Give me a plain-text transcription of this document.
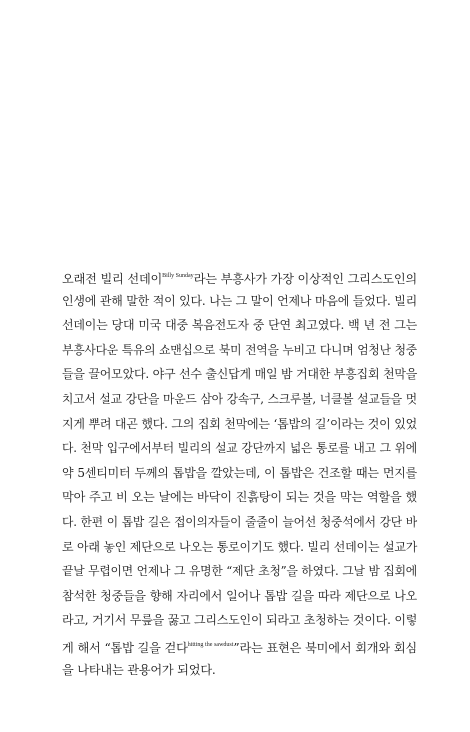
오래전 빌리 선데이$^{Billy Sunday}$라는 부흥사가 가장 이상적인 그리스도인의
인생에 관해 말한 적이 있다. 나는 그 말이 언제나 마음에 들었다. 빌리
선데이는 당대 미국 대중 복음전도자 중 단연 최고였다. 백 년 전 그는
부흥사다운 특유의 쇼맨십으로 북미 전역을 누비고 다니며 엄청난 청중
들을 끌어모았다. 야구 선수 출신답게 매일 밤 거대한 부흥집회 천막을
치고서 설교 강단을 마운드 삼아 강속구, 스크루볼, 너클볼 설교들을 멋
지게 뿌려 대곤 했다. 그의 집회 천막에는 ‘톱밥의 길’이라는 것이 있었
다. 천막 입구에서부터 빌리의 설교 강단까지 넓은 통로를 내고 그 위에
약 5센티미터 두께의 톱밥을 깔았는데, 이 톱밥은 건조할 때는 먼지를
막아 주고 비 오는 날에는 바닥이 진흙탕이 되는 것을 막는 역할을 했
다. 한편 이 톱밥 길은 접이의자들이 줄줄이 늘어선 청중석에서 강단 바
로 아래 놓인 제단으로 나오는 통로이기도 했다. 빌리 선데이는 설교가
끝날 무렵이면 언제나 그 유명한 “제단 초청”을 하였다. 그날 밤 집회에
참석한 청중들을 향해 자리에서 일어나 톱밥 길을 따라 제단으로 나오
라고, 거기서 무릎을 꿇고 그리스도인이 되라고 초청하는 것이다. 이렇
게 해서 “톱밥 길을 걷다$^{hitting the sawdust}$”라는 표현은 북미에서 회개와 회심
을 나타내는 관용어가 되었다.
